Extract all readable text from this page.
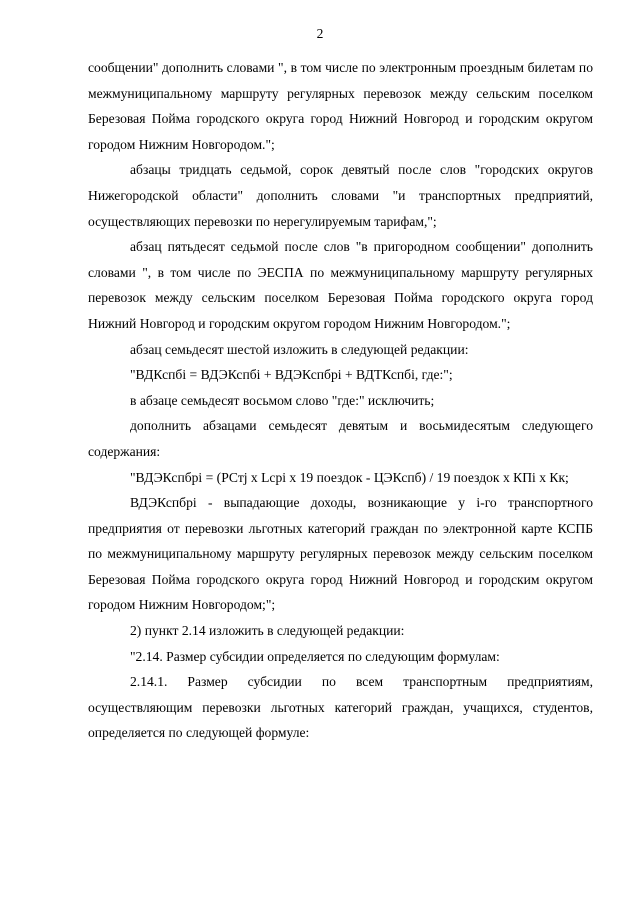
2

сообщении" дополнить словами ", в том числе по электронным проездным билетам по межмуниципальному маршруту регулярных перевозок между сельским поселком Березовая Пойма городского округа город Нижний Новгород и городским округом городом Нижним Новгородом.";

абзацы тридцать седьмой, сорок девятый после слов "городских округов Нижегородской области" дополнить словами "и транспортных предприятий, осуществляющих перевозки по нерегулируемым тарифам,";

абзац пятьдесят седьмой после слов "в пригородном сообщении" дополнить словами ", в том числе по ЭЕСПА по межмуниципальному маршруту регулярных перевозок между сельским поселком Березовая Пойма городского округа город Нижний Новгород и городским округом городом Нижним Новгородом.";

абзац семьдесят шестой изложить в следующей редакции:

"ВДКспбi = ВДЭКспбi + ВДЭКспбpi + ВДТКспбi, где:";

в абзаце семьдесят восьмом слово "где:" исключить;

дополнить абзацами семьдесят девятым и восьмидесятым следующего содержания:

"ВДЭКспбpi = (РСтj x Lcpi x 19 поездок - ЦЭКспб) / 19 поездок x КПi x Кк;

ВДЭКспбpi - выпадающие доходы, возникающие у i-го транспортного предприятия от перевозки льготных категорий граждан по электронной карте КСПБ по межмуниципальному маршруту регулярных перевозок между сельским поселком Березовая Пойма городского округа город Нижний Новгород и городским округом городом Нижним Новгородом;";

2) пункт 2.14 изложить в следующей редакции:

"2.14. Размер субсидии определяется по следующим формулам:

2.14.1. Размер субсидии по всем транспортным предприятиям, осуществляющим перевозки льготных категорий граждан, учащихся, студентов, определяется по следующей формуле:
